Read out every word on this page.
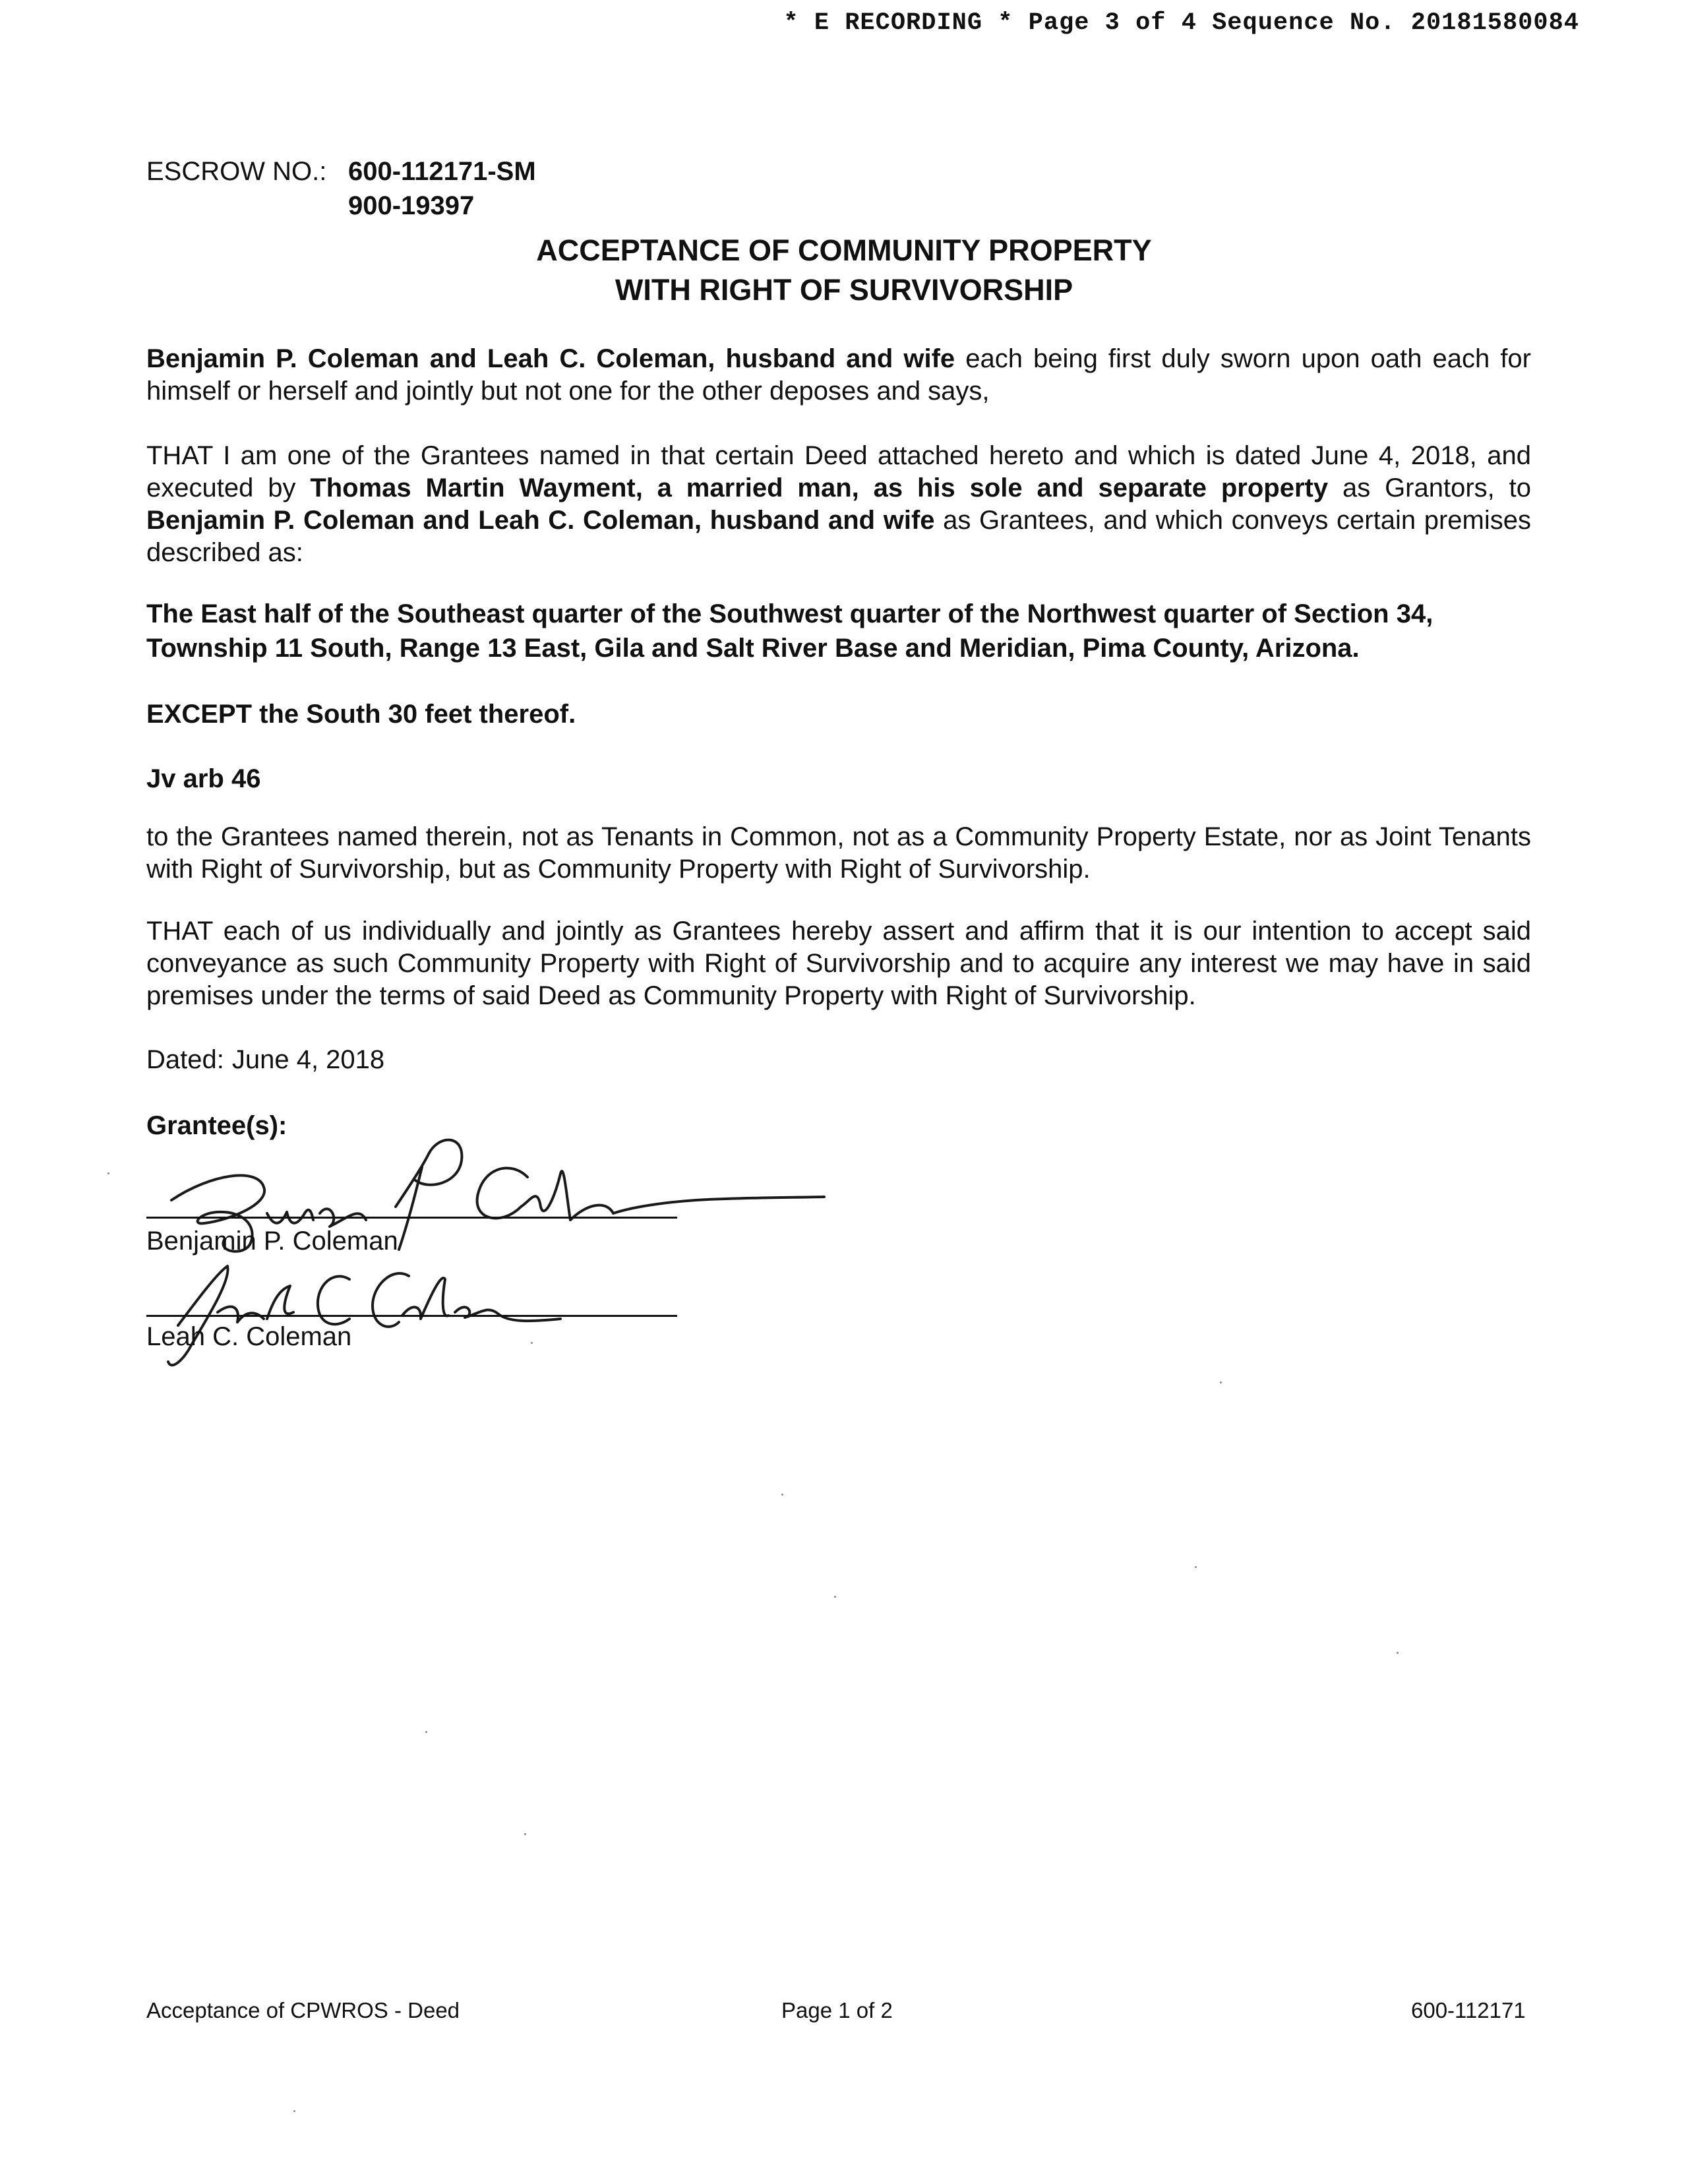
* E RECORDING * Page 3 of 4 Sequence No. 20181580084
ESCROW NO.: 600-112171-SM
900-19397
ACCEPTANCE OF COMMUNITY PROPERTY
WITH RIGHT OF SURVIVORSHIP
Benjamin P. Coleman and Leah C. Coleman, husband and wife each being first duly sworn upon oath each for himself or herself and jointly but not one for the other deposes and says,
THAT I am one of the Grantees named in that certain Deed attached hereto and which is dated June 4, 2018, and executed by Thomas Martin Wayment, a married man, as his sole and separate property as Grantors, to Benjamin P. Coleman and Leah C. Coleman, husband and wife as Grantees, and which conveys certain premises described as:
The East half of the Southeast quarter of the Southwest quarter of the Northwest quarter of Section 34, Township 11 South, Range 13 East, Gila and Salt River Base and Meridian, Pima County, Arizona.
EXCEPT the South 30 feet thereof.
Jv arb 46
to the Grantees named therein, not as Tenants in Common, not as a Community Property Estate, nor as Joint Tenants with Right of Survivorship, but as Community Property with Right of Survivorship.
THAT each of us individually and jointly as Grantees hereby assert and affirm that it is our intention to accept said conveyance as such Community Property with Right of Survivorship and to acquire any interest we may have in said premises under the terms of said Deed as Community Property with Right of Survivorship.
Dated: June 4, 2018
Grantee(s):
Benjamin P. Coleman
Leah C. Coleman
Acceptance of CPWROS - Deed	Page 1 of 2	600-112171
